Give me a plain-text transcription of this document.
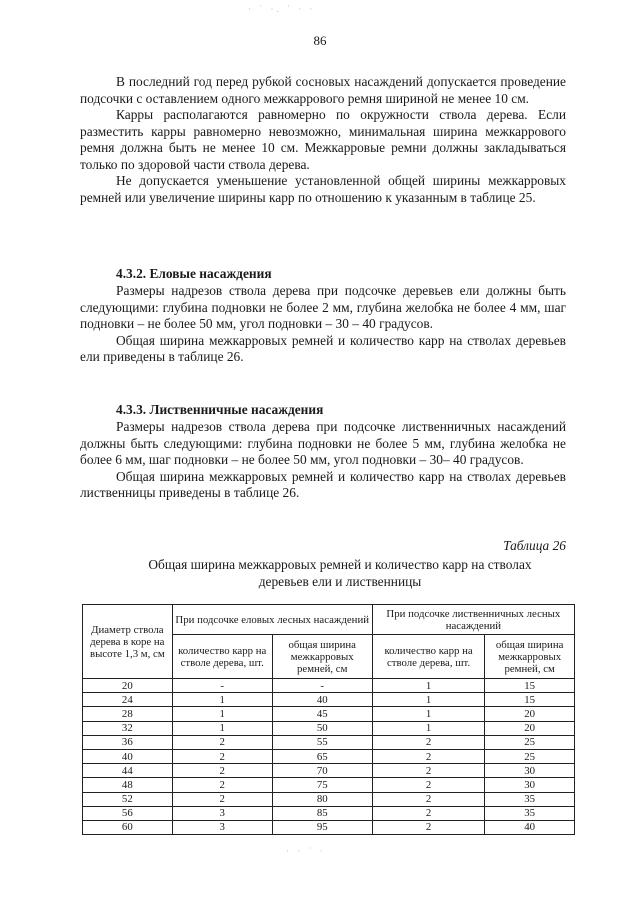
· ˙ ·. ˙ · ·
86

В последний год перед рубкой сосновых насаждений допускается проведение подсочки с оставлением одного межкаррового ремня шириной не менее 10 см.

Карры располагаются равномерно по окружности ствола дерева. Если разместить карры равномерно невозможно, минимальная ширина межкаррового ремня должна быть не менее 10 см. Межкарровые ремни должны закладываться только по здоровой части ствола дерева.

Не допускается уменьшение установленной общей ширины межкарровых ремней или увеличение ширины карр по отношению к указанным в таблице 25.

4.3.2. Еловые насаждения

Размеры надрезов ствола дерева при подсочке деревьев ели должны быть следующими: глубина подновки не более 2 мм, глубина желобка не более 4 мм, шаг подновки – не более 50 мм, угол подновки – 30 – 40 градусов.

Общая ширина межкарровых ремней и количество карр на стволах деревьев ели приведены в таблице 26.

4.3.3. Лиственничные насаждения

Размеры надрезов ствола дерева при подсочке лиственничных насаждений должны быть следующими: глубина подновки не более 5 мм, глубина желобка не более 6 мм, шаг подновки – не более 50 мм, угол подновки – 30– 40 градусов.

Общая ширина межкарровых ремней и количество карр на стволах деревьев лиственницы приведены в таблице 26.

Таблица 26
Общая ширина межкарровых ремней и количество карр на стволах
деревьев ели и лиственницы
Диаметр ствола дерева в коре на высоте 1,3 м, см	При подсочке еловых лесных насаждений		При подсочке лиственничных лесных насаждений	
	количество карр на стволе дерева, шт.	общая ширина межкарровых ремней, см	количество карр на стволе дерева, шт.	общая ширина межкарровых ремней, см
20	-	-	1	15
24	1	40	1	15
28	1	45	1	20
32	1	50	1	20
36	2	55	2	25
40	2	65	2	25
44	2	70	2	30
48	2	75	2	30
52	2	80	2	35
56	3	85	2	35
60	3	95	2	40
· · ˙ ·
